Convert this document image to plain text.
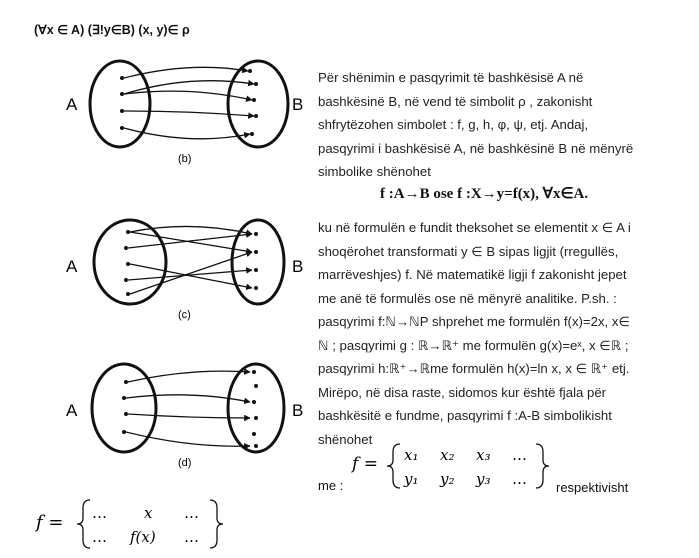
(∀x ∈ A) (∃!y∈B) (x, y)∈ ρ
A	B
(b)
A	B
(c)
A	B
(d)
Për shënimin e pasqyrimit të bashkësisë A në
bashkësinë B, në vend të simbolit ρ , zakonisht
shfrytëzohen simbolet : f, g, h, φ, ψ, etj. Andaj,
pasqyrimi i bashkësisë A, në bashkësinë B në mënyrë
simbolike shënohet
f :A→B ose f :X→y=f(x), ∀x∈A.
ku në formulën e fundit theksohet se elementit x ∈ A i
shoqërohet transformati y ∈ B sipas ligjit (rregullës,
marrëveshjes) f. Në matematikë ligji f zakonisht jepet
me anë të formulës ose në mënyrë analitike. P.sh. :
pasqyrimi f:ℕ→ℕP shprehet me formulën f(x)=2x, x∈
ℕ ; pasqyrimi g : ℝ→ℝ⁺ me formulën g(x)=eˣ, x ∈ℝ ;
pasqyrimi h:ℝ⁺→ℝme formulën h(x)=ln x, x ∈ ℝ⁺ etj.
Mirëpo, në disa raste, sidomos kur është fjala për
bashkësitë e fundme, pasqyrimi f :A-B simbolikisht
shënohet
me :
f = x₁ x₂ x₃ …
y₁ y₂ y₃ … respektivisht
f = … x …
… f(x) …
